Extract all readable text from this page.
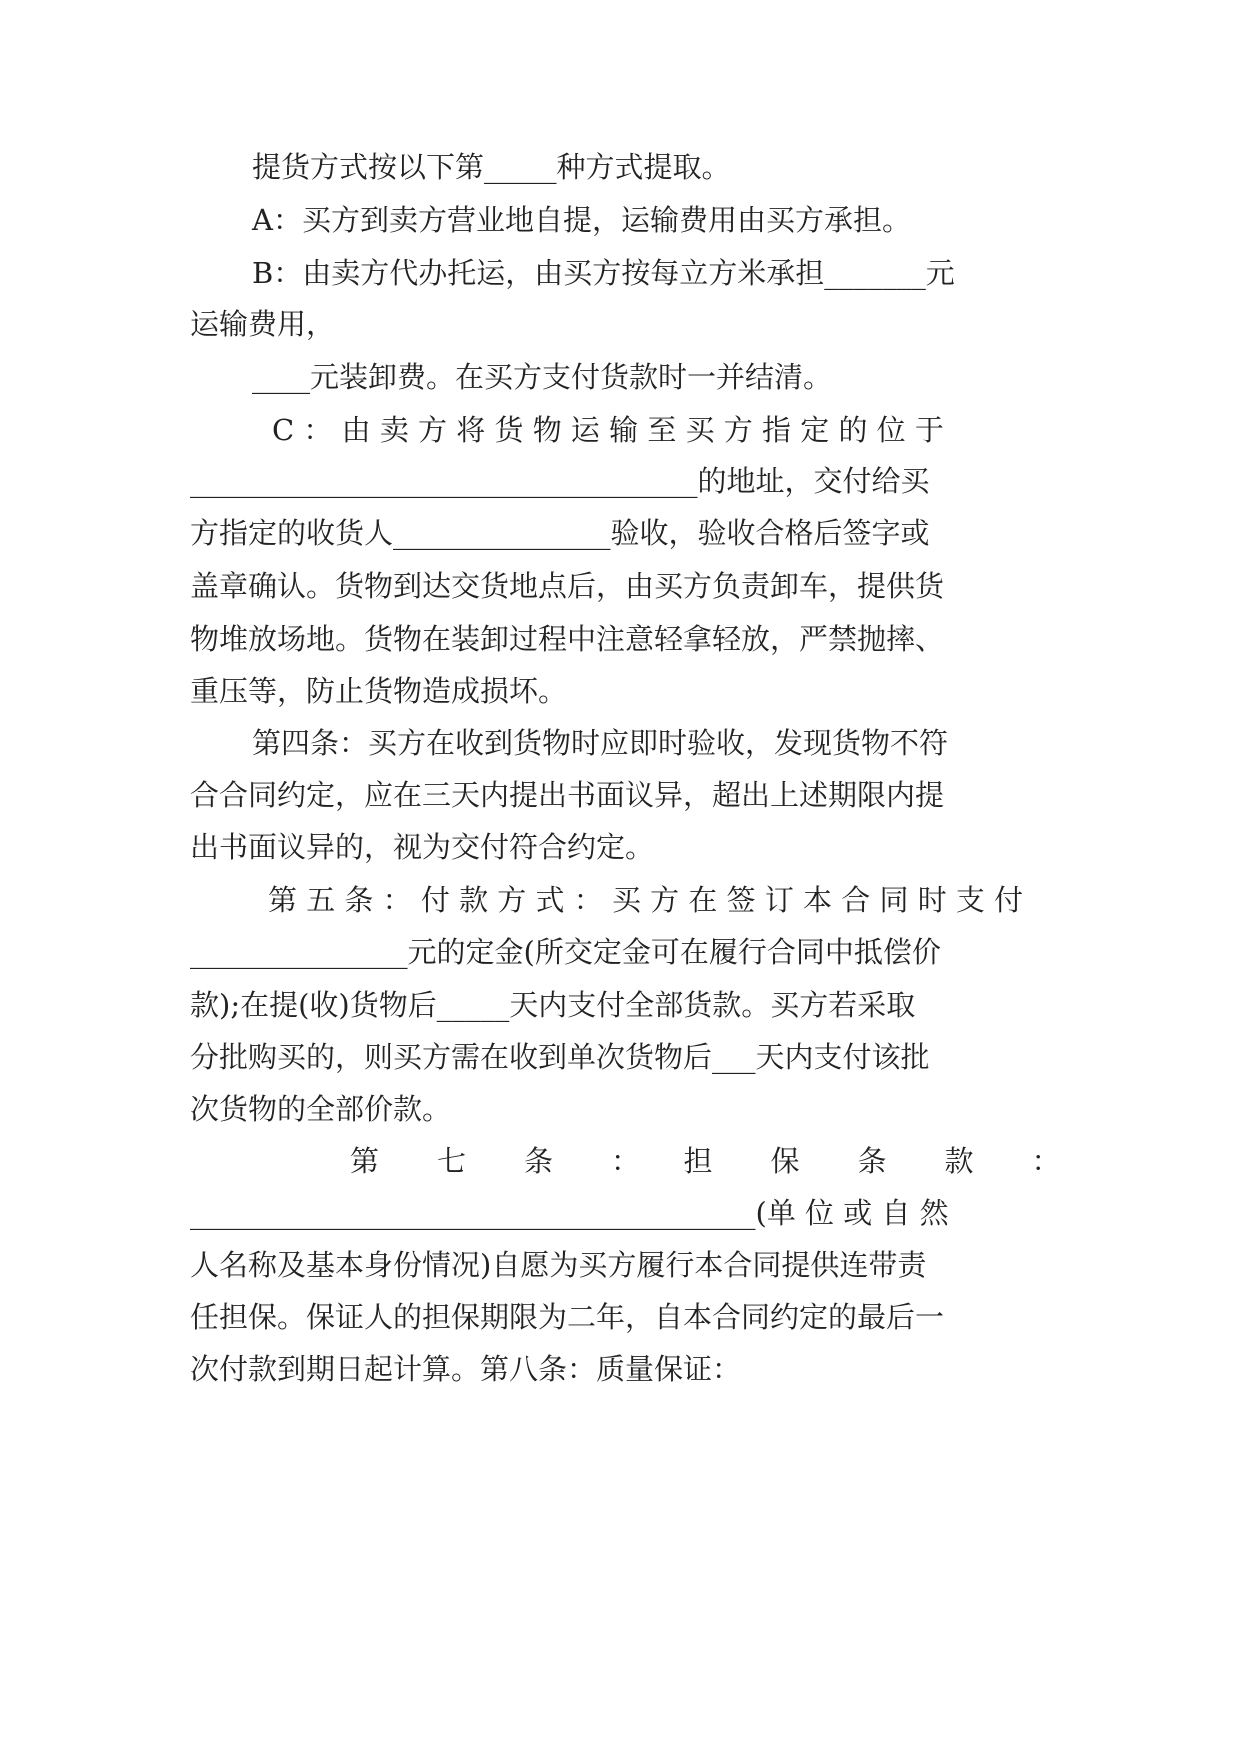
提货方式按以下第_____种方式提取。
A：买方到卖方营业地自提，运输费用由买方承担。
B：由卖方代办托运，由买方按每立方米承担_______元
运输费用，
____元装卸费。在买方支付货款时一并结清。
C ： 由 卖 方 将 货 物 运 输 至 买 方 指 定 的 位 于
___________________________________的地址，交付给买
方指定的收货人_______________验收，验收合格后签字或
盖章确认。货物到达交货地点后，由买方负责卸车，提供货
物堆放场地。货物在装卸过程中注意轻拿轻放，严禁抛摔、
重压等，防止货物造成损坏。
第四条：买方在收到货物时应即时验收，发现货物不符
合合同约定，应在三天内提出书面议异，超出上述期限内提
出书面议异的，视为交付符合约定。
第 五 条 ： 付 款 方 式 ： 买 方 在 签 订 本 合 同 时 支 付
_______________元的定金(所交定金可在履行合同中抵偿价
款);在提(收)货物后_____天内支付全部货款。买方若采取
分批购买的，则买方需在收到单次货物后___天内支付该批
次货物的全部价款。
第　　七　　条　　：　　担　　保　　条　　款　　：
_______________________________________(单 位 或 自 然
人名称及基本身份情况)自愿为买方履行本合同提供连带责
任担保。保证人的担保期限为二年，自本合同约定的最后一
次付款到期日起计算。第八条：质量保证：
